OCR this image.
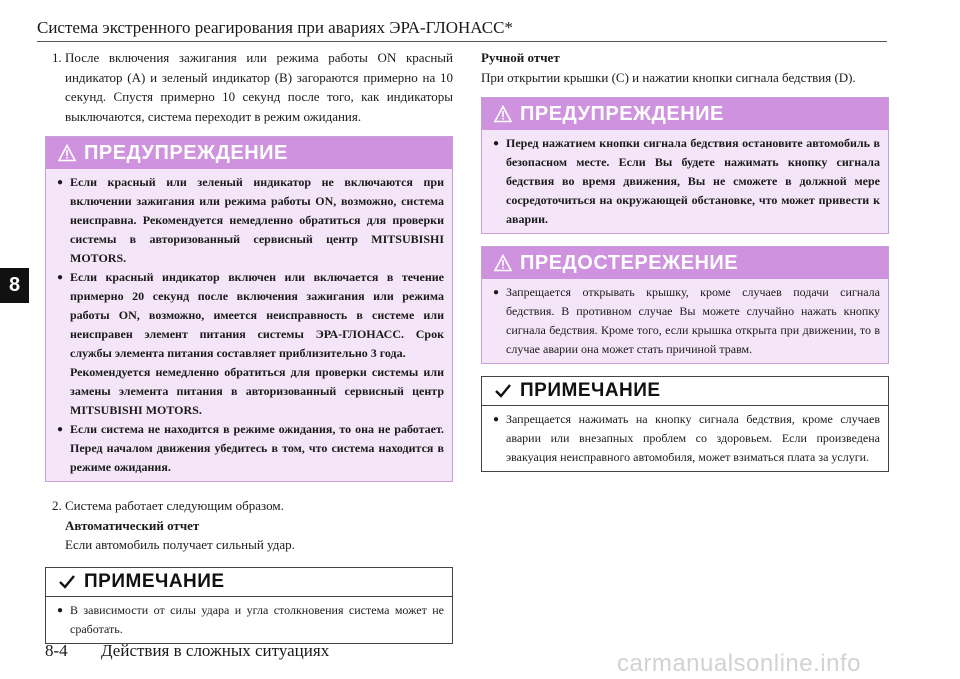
Система экстренного реагирования при авариях ЭРА-ГЛОНАСС*
8
1. После включения зажигания или режима работы ON красный индикатор (A) и зеленый индикатор (B) загораются примерно на 10 секунд. Спустя примерно 10 секунд после того, как индикаторы выключаются, система переходит в режим ожидания.

ПРЕДУПРЕЖДЕНИЕ

● Если красный или зеленый индикатор не включаются при включении зажигания или режима работы ON, возможно, система неисправна. Рекомендуется немедленно обратиться для проверки системы в авторизованный сервисный центр MITSUBISHI MOTORS.

● Если красный индикатор включен или включается в течение примерно 20 секунд после включения зажигания или режима работы ON, возможно, имеется неисправность в системе или неисправен элемент питания системы ЭРА-ГЛОНАСС. Срок службы элемента питания составляет приблизительно 3 года.

Рекомендуется немедленно обратиться для проверки системы или замены элемента питания в авторизованный сервисный центр MITSUBISHI MOTORS.

● Если система не находится в режиме ожидания, то она не работает. Перед началом движения убедитесь в том, что система находится в режиме ожидания.

2. Система работает следующим образом.

Автоматический отчет

Если автомобиль получает сильный удар.

ПРИМЕЧАНИЕ

● В зависимости от силы удара и угла столкновения система может не сработать.

Ручной отчет

При открытии крышки (C) и нажатии кнопки сигнала бедствия (D).

ПРЕДУПРЕЖДЕНИЕ

● Перед нажатием кнопки сигнала бедствия остановите автомобиль в безопасном месте. Если Вы будете нажимать кнопку сигнала бедствия во время движения, Вы не сможете в должной мере сосредоточиться на окружающей обстановке, что может привести к аварии.

ПРЕДОСТЕРЕЖЕНИЕ

● Запрещается открывать крышку, кроме случаев подачи сигнала бедствия. В противном случае Вы можете случайно нажать кнопку сигнала бедствия. Кроме того, если крышка открыта при движении, то в случае аварии она может стать причиной травм.

ПРИМЕЧАНИЕ

● Запрещается нажимать на кнопку сигнала бедствия, кроме случаев аварии или внезапных проблем со здоровьем. Если произведена эвакуация неисправного автомобиля, может взиматься плата за услуги.

8-4 Действия в сложных ситуациях	carmanualsonline.info
